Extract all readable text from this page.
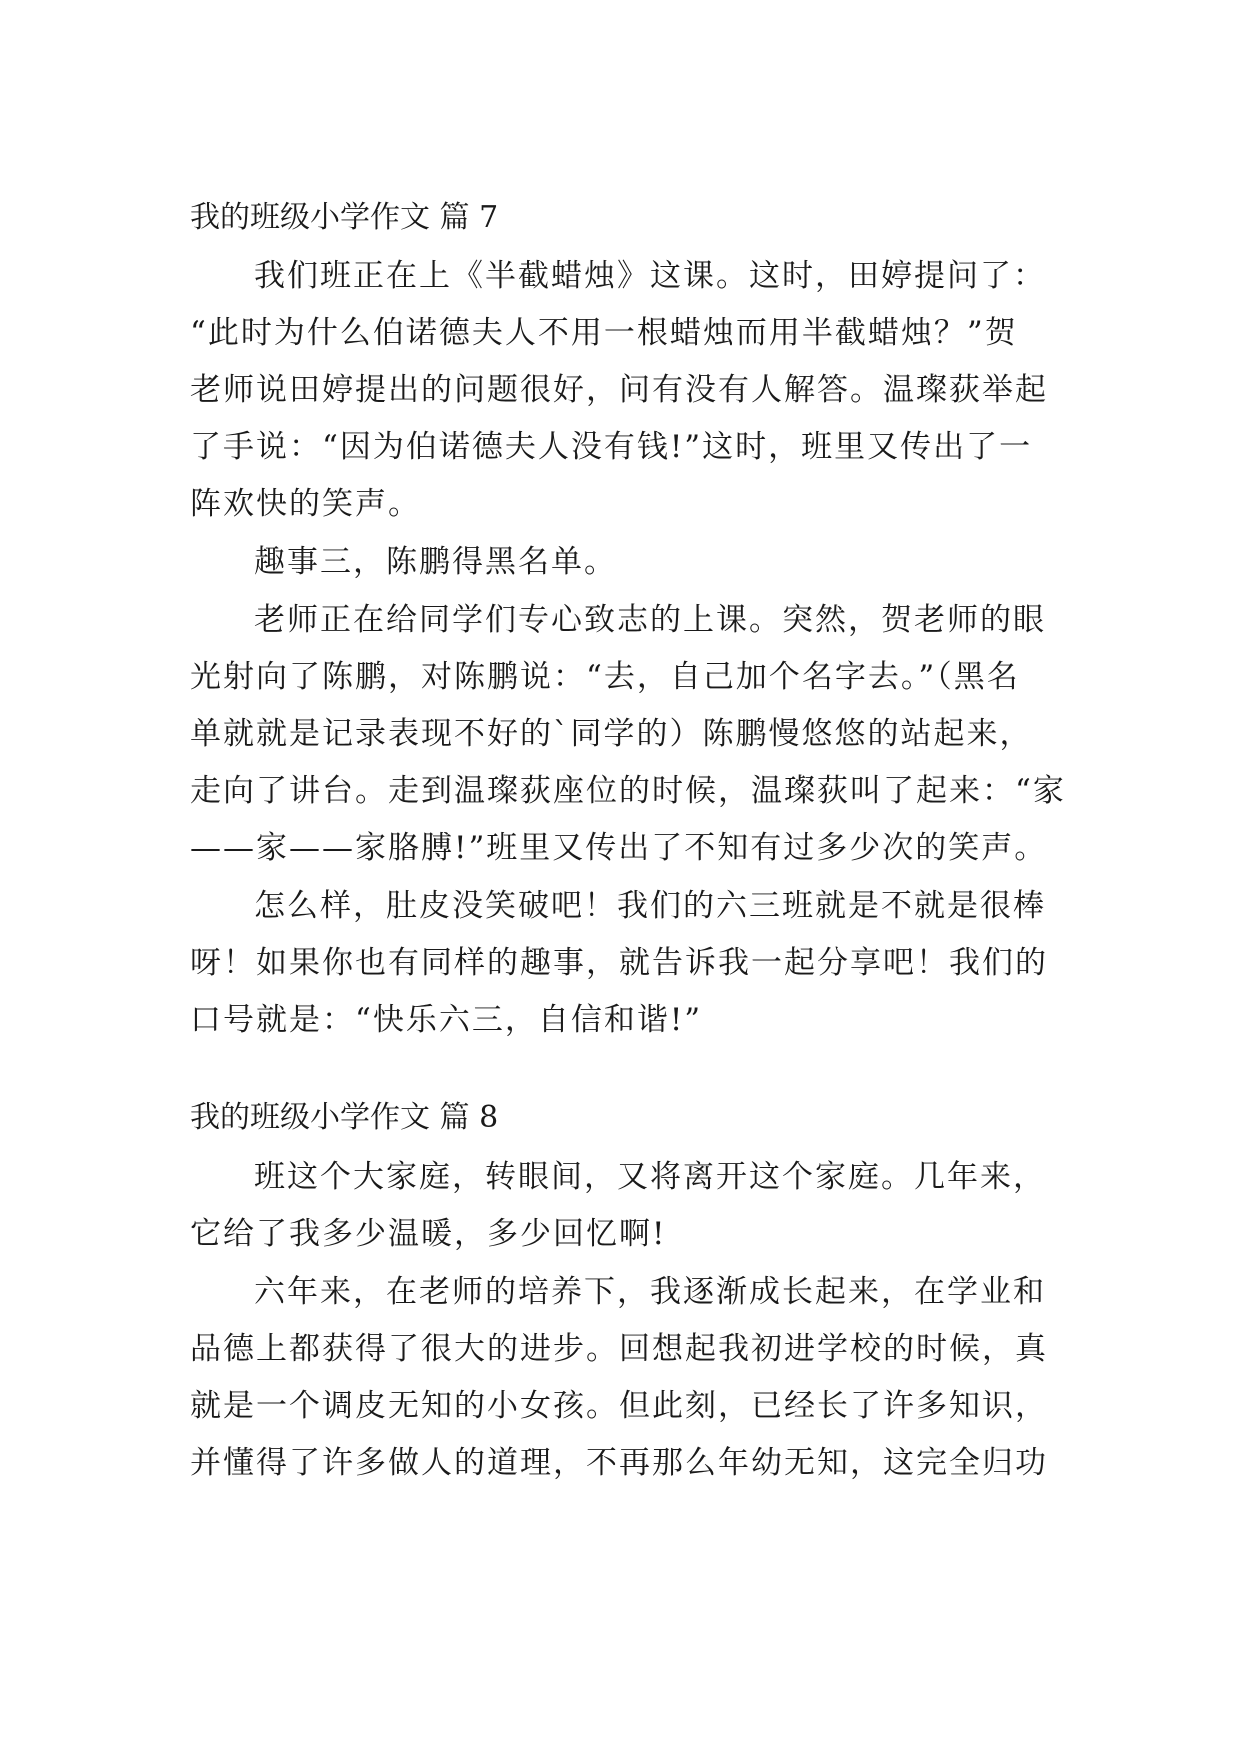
我的班级小学作文 篇 7
我们班正在上《半截蜡烛》这课。这时，田婷提问了：
“此时为什么伯诺德夫人不用一根蜡烛而用半截蜡烛？”贺
老师说田婷提出的问题很好，问有没有人解答。温璨荻举起
了手说：“因为伯诺德夫人没有钱!”这时，班里又传出了一
阵欢快的笑声。
趣事三，陈鹏得黑名单。
老师正在给同学们专心致志的上课。突然，贺老师的眼
光射向了陈鹏，对陈鹏说：“去，自己加个名字去。”（黑名
单就就是记录表现不好的`同学的）陈鹏慢悠悠的站起来，
走向了讲台。走到温璨荻座位的时候，温璨荻叫了起来：“家
——家——家胳膊!”班里又传出了不知有过多少次的笑声。
怎么样，肚皮没笑破吧！我们的六三班就是不就是很棒
呀！如果你也有同样的趣事，就告诉我一起分享吧！我们的
口号就是：“快乐六三，自信和谐!”
我的班级小学作文 篇 8
班这个大家庭，转眼间，又将离开这个家庭。几年来，
它给了我多少温暖，多少回忆啊!
六年来，在老师的培养下，我逐渐成长起来，在学业和
品德上都获得了很大的进步。回想起我初进学校的时候，真
就是一个调皮无知的小女孩。但此刻，已经长了许多知识，
并懂得了许多做人的道理，不再那么年幼无知，这完全归功
